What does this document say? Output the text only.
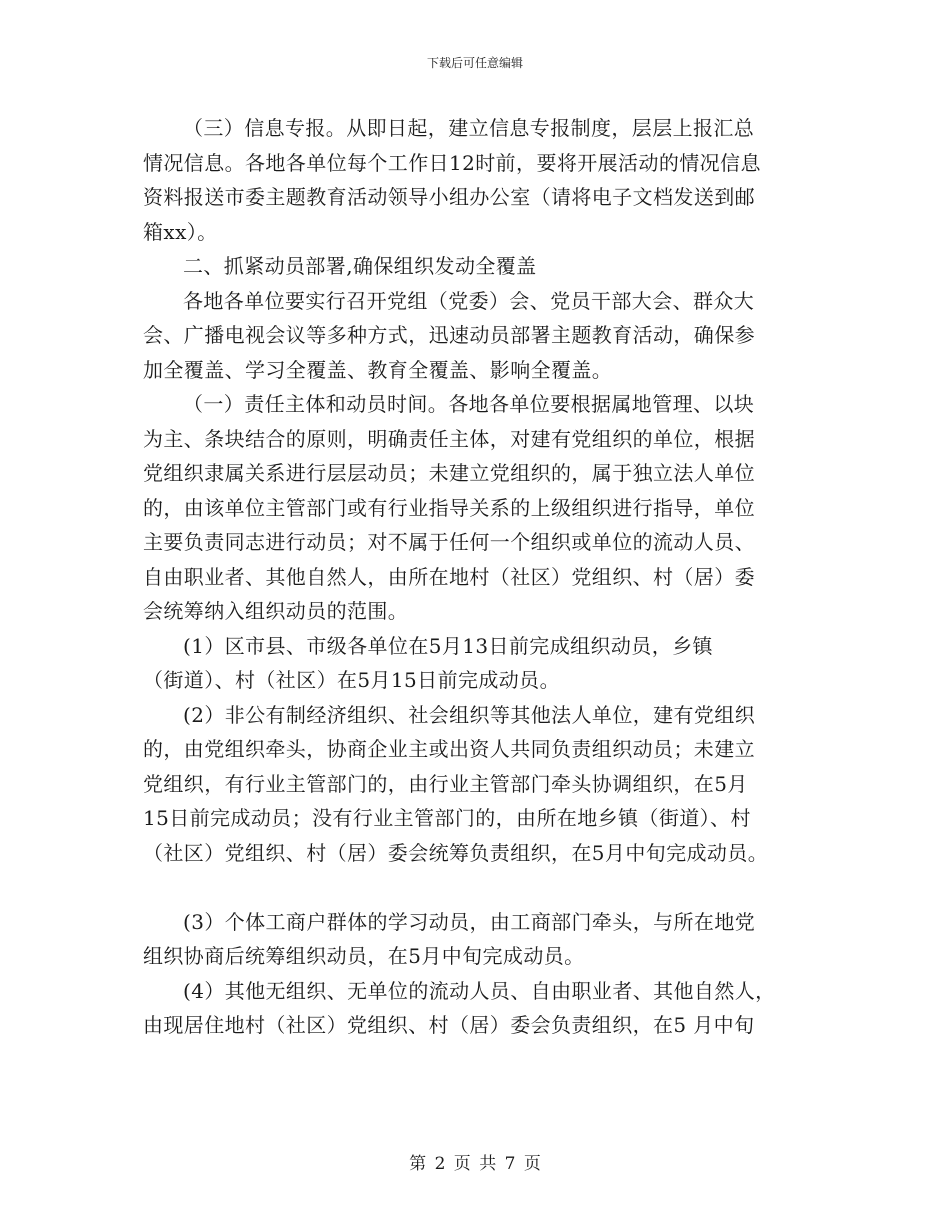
下载后可任意编辑
（三）信息专报。从即日起，建立信息专报制度，层层上报汇总
情况信息。各地各单位每个工作日12时前，要将开展活动的情况信息
资料报送市委主题教育活动领导小组办公室（请将电子文档发送到邮
箱xx）。
二、抓紧动员部署,确保组织发动全覆盖
各地各单位要实行召开党组（党委）会、党员干部大会、群众大
会、广播电视会议等多种方式，迅速动员部署主题教育活动，确保参
加全覆盖、学习全覆盖、教育全覆盖、影响全覆盖。
（一）责任主体和动员时间。各地各单位要根据属地管理、以块
为主、条块结合的原则，明确责任主体，对建有党组织的单位，根据
党组织隶属关系进行层层动员；未建立党组织的，属于独立法人单位
的，由该单位主管部门或有行业指导关系的上级组织进行指导，单位
主要负责同志进行动员；对不属于任何一个组织或单位的流动人员、
自由职业者、其他自然人，由所在地村（社区）党组织、村（居）委
会统筹纳入组织动员的范围。
(1）区市县、市级各单位在5月13日前完成组织动员，乡镇
（街道）、村（社区）在5月15日前完成动员。
(2）非公有制经济组织、社会组织等其他法人单位，建有党组织
的，由党组织牵头，协商企业主或出资人共同负责组织动员；未建立
党组织，有行业主管部门的，由行业主管部门牵头协调组织，在5月
15日前完成动员；没有行业主管部门的，由所在地乡镇（街道）、村
（社区）党组织、村（居）委会统筹负责组织，在5月中旬完成动员。
(3）个体工商户群体的学习动员，由工商部门牵头，与所在地党
组织协商后统筹组织动员，在5月中旬完成动员。
(4）其他无组织、无单位的流动人员、自由职业者、其他自然人，
由现居住地村（社区）党组织、村（居）委会负责组织，在5 月中旬
第 2 页 共 7 页
